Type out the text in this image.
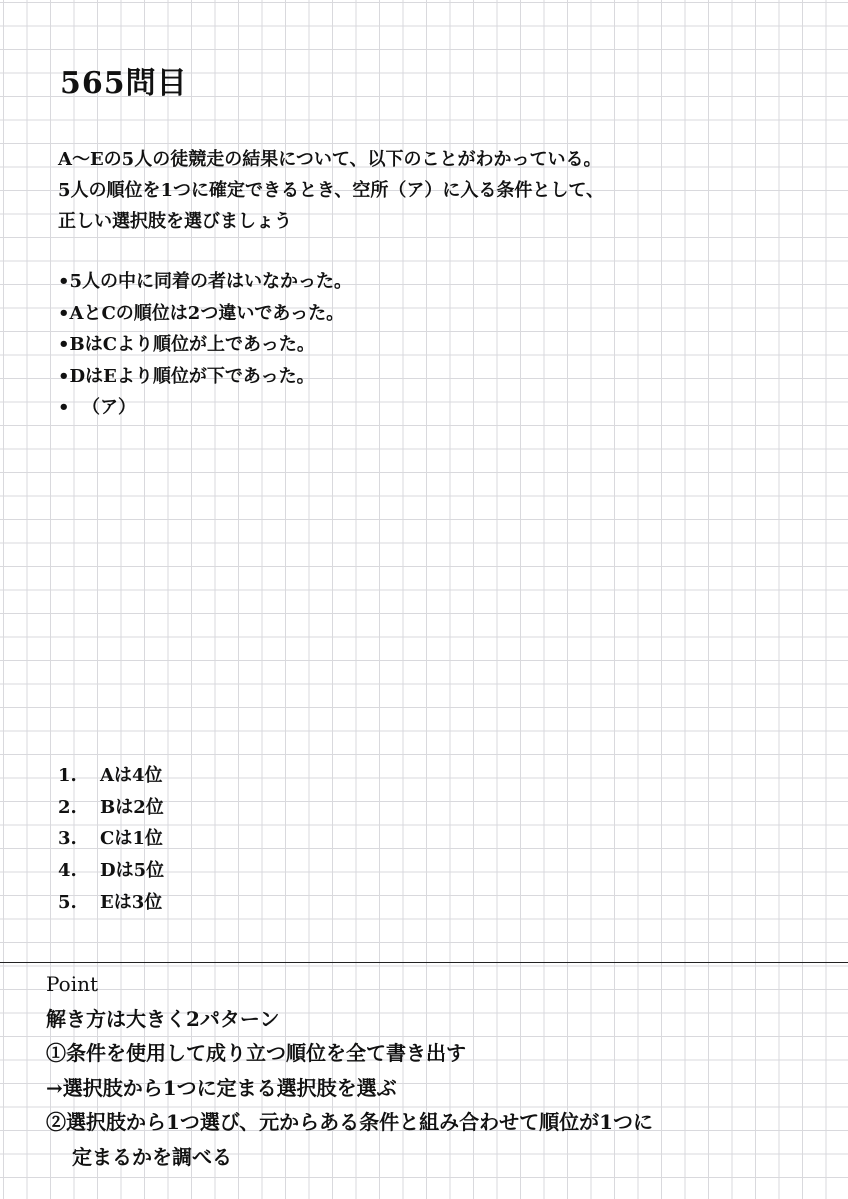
565問目
A〜Eの5人の徒競走の結果について、以下のことがわかっている。
5人の順位を1つに確定できるとき、空所（ア）に入る条件として、
正しい選択肢を選びましょう
•5人の中に同着の者はいなかった。
•AとCの順位は2つ違いであった。
•BはCより順位が上であった。
•DはEより順位が下であった。
•  （ア）
1.	Aは4位
2.	Bは2位
3.	Cは1位
4.	Dは5位
5.	Eは3位
Point
解き方は大きく2パターン
①条件を使用して成り立つ順位を全て書き出す
→選択肢から1つに定まる選択肢を選ぶ
②選択肢から1つ選び、元からある条件と組み合わせて順位が1つに
定まるかを調べる
